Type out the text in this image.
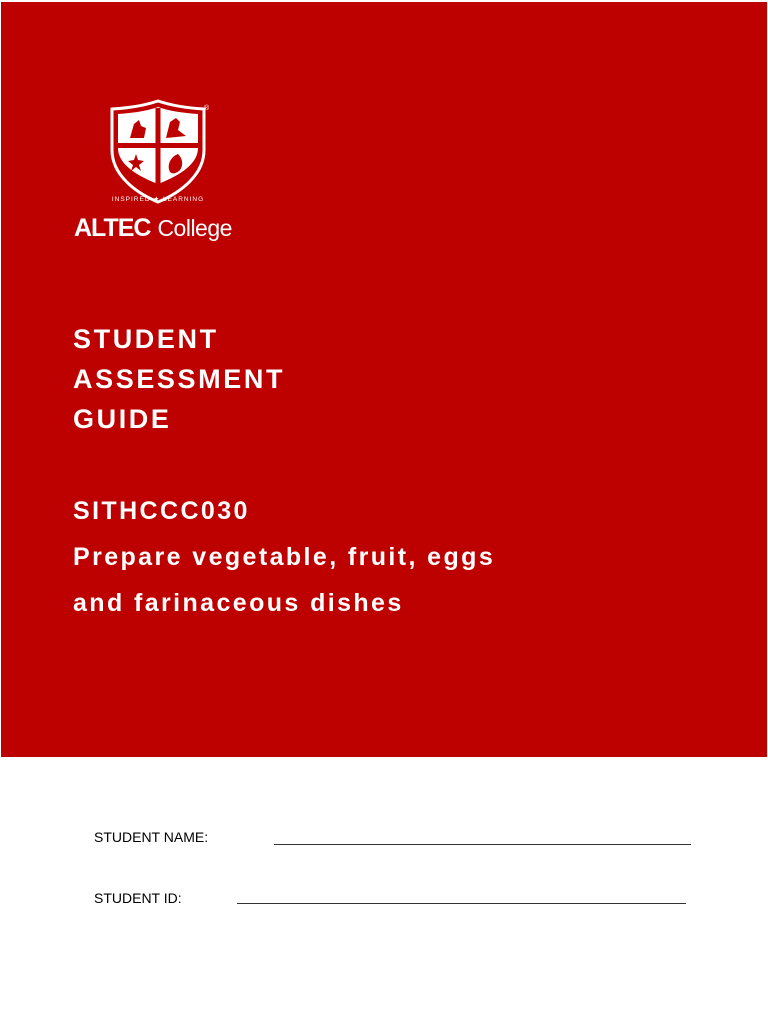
®
INSPIRED ★ LEARNING
ALTEC College
STUDENT
ASSESSMENT
GUIDE
SITHCCC030
Prepare vegetable, fruit, eggs
and farinaceous dishes
STUDENT NAME:
STUDENT ID:
